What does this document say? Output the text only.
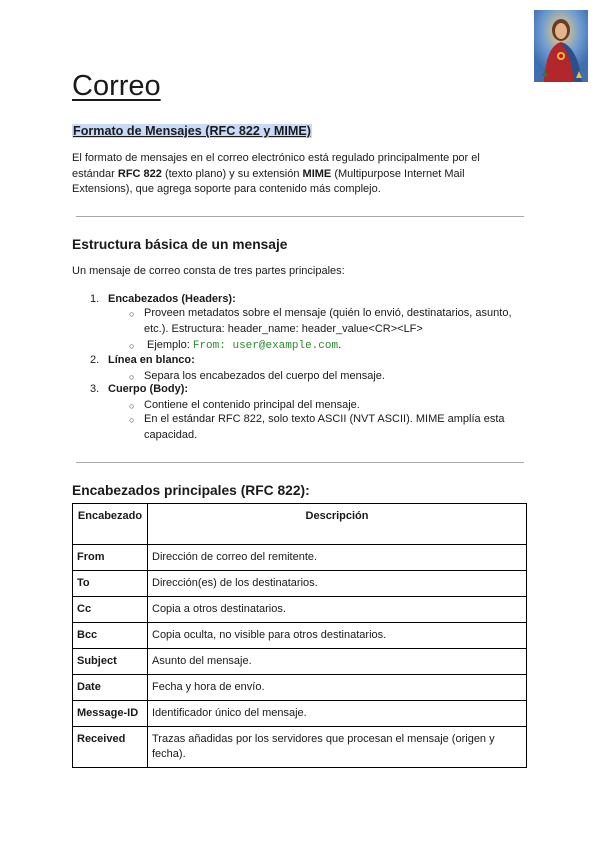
Correo
Formato de Mensajes (RFC 822 y MIME)
El formato de mensajes en el correo electrónico está regulado principalmente por el estándar RFC 822 (texto plano) y su extensión MIME (Multipurpose Internet Mail Extensions), que agrega soporte para contenido más complejo.
Estructura básica de un mensaje
Un mensaje de correo consta de tres partes principales:
1. Encabezados (Headers):
○ Proveen metadatos sobre el mensaje (quién lo envió, destinatarios, asunto, etc.). Estructura: header_name: header_value<CR><LF>
○ Ejemplo: From: user@example.com.
2. Línea en blanco:
○ Separa los encabezados del cuerpo del mensaje.
3. Cuerpo (Body):
○ Contiene el contenido principal del mensaje.
○ En el estándar RFC 822, solo texto ASCII (NVT ASCII). MIME amplía esta capacidad.
Encabezados principales (RFC 822):
Encabezado	Descripción
From	Dirección de correo del remitente.
To	Dirección(es) de los destinatarios.
Cc	Copia a otros destinatarios.
Bcc	Copia oculta, no visible para otros destinatarios.
Subject	Asunto del mensaje.
Date	Fecha y hora de envío.
Message-ID	Identificador único del mensaje.
Received	Trazas añadidas por los servidores que procesan el mensaje (origen y fecha).
